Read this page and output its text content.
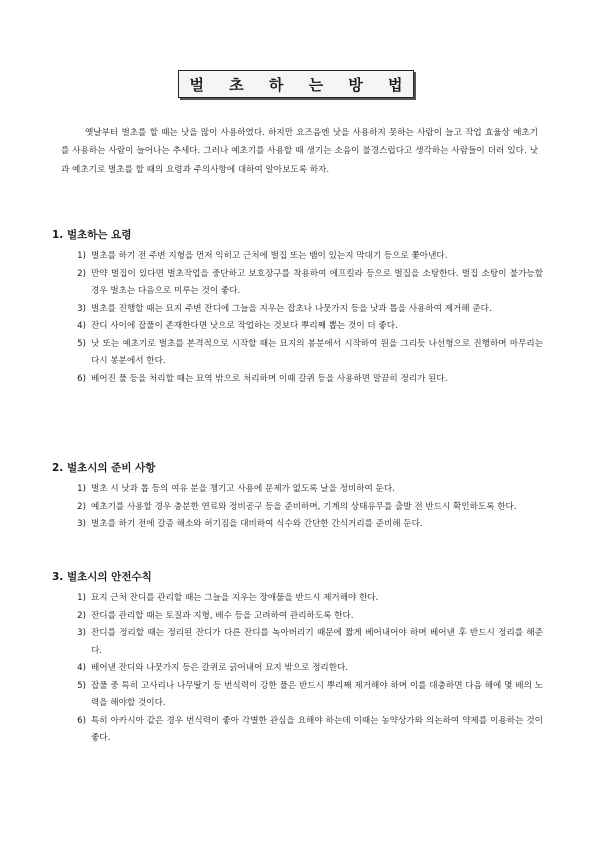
벌 초 하 는 방 법

옛날부터 벌초를 할 때는 낫을 많이 사용하였다. 하지만 요즈음엔 낫을 사용하지 못하는 사람이 늘고 작업 효율상 예초기를 사용하는 사람이 늘어나는 추세다. 그러나 예초기를 사용할 때 생기는 소음이 불경스럽다고 생각하는 사람들이 더러 있다. 낫과 예초기로 벌초를 할 때의 요령과 주의사항에 대하여 알아보도록 하자.

1. 벌초하는 요령
1) 벌초를 하기 전 주변 지형을 먼저 익히고 근처에 벌집 또는 뱀이 있는지 막대기 등으로 쫓아낸다.
2) 만약 벌집이 있다면 벌초작업을 중단하고 보호장구를 착용하여 에프킬라 등으로 벌집을 소탕한다. 벌집 소탕이 불가능할 경우 벌초는 다음으로 미루는 것이 좋다.
3) 벌초를 진행할 때는 묘지 주변 잔디에 그늘을 지우는 잡초나 나뭇가지 등을 낫과 톱을 사용하여 제거해 준다.
4) 잔디 사이에 잡풀이 존재한다면 낫으로 작업하는 것보다 뿌리째 뽑는 것이 더 좋다.
5) 낫 또는 예초기로 벌초를 본격적으로 시작할 때는 묘지의 봉분에서 시작하여 원을 그리듯 나선형으로 진행하며 마무리는 다시 봉분에서 한다.
6) 베어진 풀 등을 처리할 때는 묘역 밖으로 처리하며 이때 갈퀴 등을 사용하면 말끔히 정리가 된다.
2. 벌초시의 준비 사항
1) 벌초 시 낫과 톱 등의 여유 분을 챙기고 사용에 문제가 없도록 날을 정비하여 둔다.
2) 예초기를 사용할 경우 충분한 연료와 정비공구 등을 준비하며, 기계의 상태유무를 출발 전 반드시 확인하도록 한다.
3) 벌초를 하기 전에 갈증 해소와 허기짐을 대비하여 식수와 간단한 간식거리를 준비해 둔다.
3. 벌초시의 안전수칙
1) 묘지 근처 잔디를 관리할 때는 그늘을 지우는 장애물을 반드시 제거해야 한다.
2) 잔디를 관리할 때는 토질과 지형, 배수 등을 고려하여 관리하도록 한다.
3) 잔디를 정리할 때는 정리된 잔디가 다른 잔디를 녹아버리기 때문에 짧게 베어내어야 하며 베어낸 후 반드시 정리를 해준다.
4) 베어낸 잔디와 나뭇가지 등은 갈퀴로 긁어내어 묘지 밖으로 정리한다.
5) 잡풀 중 특히 고사리나 나무딸기 등 번식력이 강한 풀은 반드시 뿌리째 제거해야 하며 이를 대충하면 다음 해에 몇 배의 노력을 해야할 것이다.
6) 특히 아카시아 같은 경우 번식력이 좋아 각별한 관심을 요해야 하는데 이때는 농약상가와 의논하여 약제를 이용하는 것이 좋다.
